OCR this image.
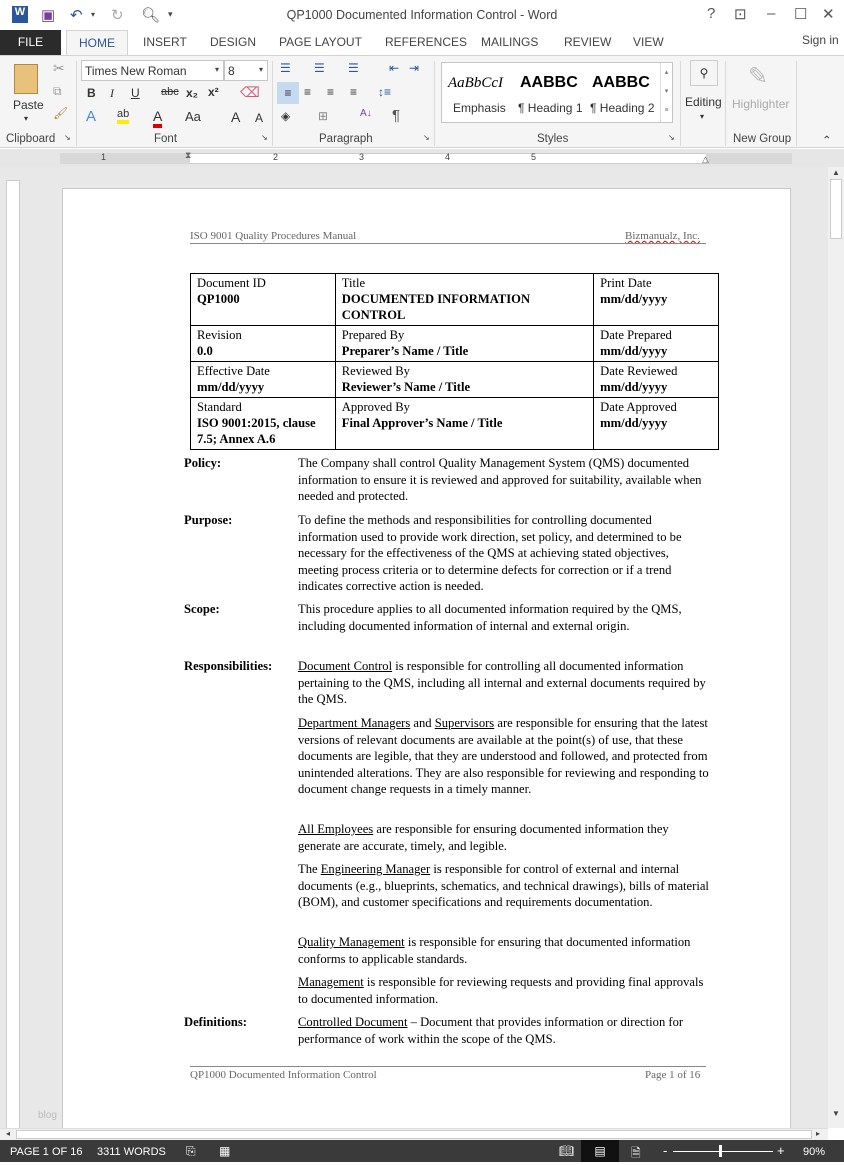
W ▣ ↶ ▾ ↻ 🔍︎ ▾	QP1000 Documented Information Control - Word	? ⊡ – ☐ ✕
FILE	HOME	INSERT DESIGN PAGE LAYOUT REFERENCES MAILINGS REVIEW VIEW
Paste
▾
✂
⧉
🖌︎
Clipboard ↘
Times New Roman	▾ 8	▾
B I U abc x₂ x² ⌫
A ab A Aa A A
Font	↘
☰ ☰ ☰	⇤ ⇥
≡	≡ ≡ ≡ ↕≡
◈ ⊞	A↓ ¶
Paragraph	↘
AaBbCcI
Emphasis
AABBC
¶ Heading 1
AABBC
¶ Heading 2
▴
▾
≡
Styles	↘
⚲
Editing
▾
✎
Highlighter
New Group	⌃
Sign in
1	2	3	4	5
⧗	△
blog
ISO 9001 Quality Procedures Manual	Bizmanualz, Inc.
Document ID
QP1000	Title
DOCUMENTED INFORMATION CONTROL	Print Date
mm/dd/yyyy

Revision
0.0	Prepared By
Preparer’s Name / Title	Date Prepared
mm/dd/yyyy

Effective Date
mm/dd/yyyy	Reviewed By
Reviewer’s Name / Title	Date Reviewed
mm/dd/yyyy

Standard
ISO 9001:2015, clause 7.5; Annex A.6	Approved By
Final Approver’s Name / Title	Date Approved
mm/dd/yyyy
Policy:	The Company shall control Quality Management System (QMS) documented information to ensure it is reviewed and approved for suitability, available when needed and protected.
Purpose:	To define the methods and responsibilities for controlling documented information used to provide work direction, set policy, and determined to be necessary for the effectiveness of the QMS at achieving stated objectives, meeting process criteria or to determine defects for correction or if a trend indicates corrective action is needed.
Scope:	This procedure applies to all documented information required by the QMS, including documented information of internal and external origin.
Responsibilities: Document Control is responsible for controlling all documented information pertaining to the QMS, including all internal and external documents required by the QMS.
Department Managers and Supervisors are responsible for ensuring that the latest versions of relevant documents are available at the point(s) of use, that these documents are legible, that they are understood and followed, and protected from unintended alterations. They are also responsible for reviewing and responding to document change requests in a timely manner.
All Employees are responsible for ensuring documented information they generate are accurate, timely, and legible.
The Engineering Manager is responsible for control of external and internal documents (e.g., blueprints, schematics, and technical drawings), bills of material (BOM), and customer specifications and requirements documentation.
Quality Management is responsible for ensuring that documented information conforms to applicable standards.
Management is responsible for reviewing requests and providing final approvals to documented information.
Definitions:	Controlled Document – Document that provides information or direction for performance of work within the scope of the QMS.
QP1000 Documented Information Control	Page 1 of 16
▲
▼
◂	▸
PAGE 1 OF 16 3311 WORDS ⎘ ▦	📖︎	▤	🗎 -	+ 90%
